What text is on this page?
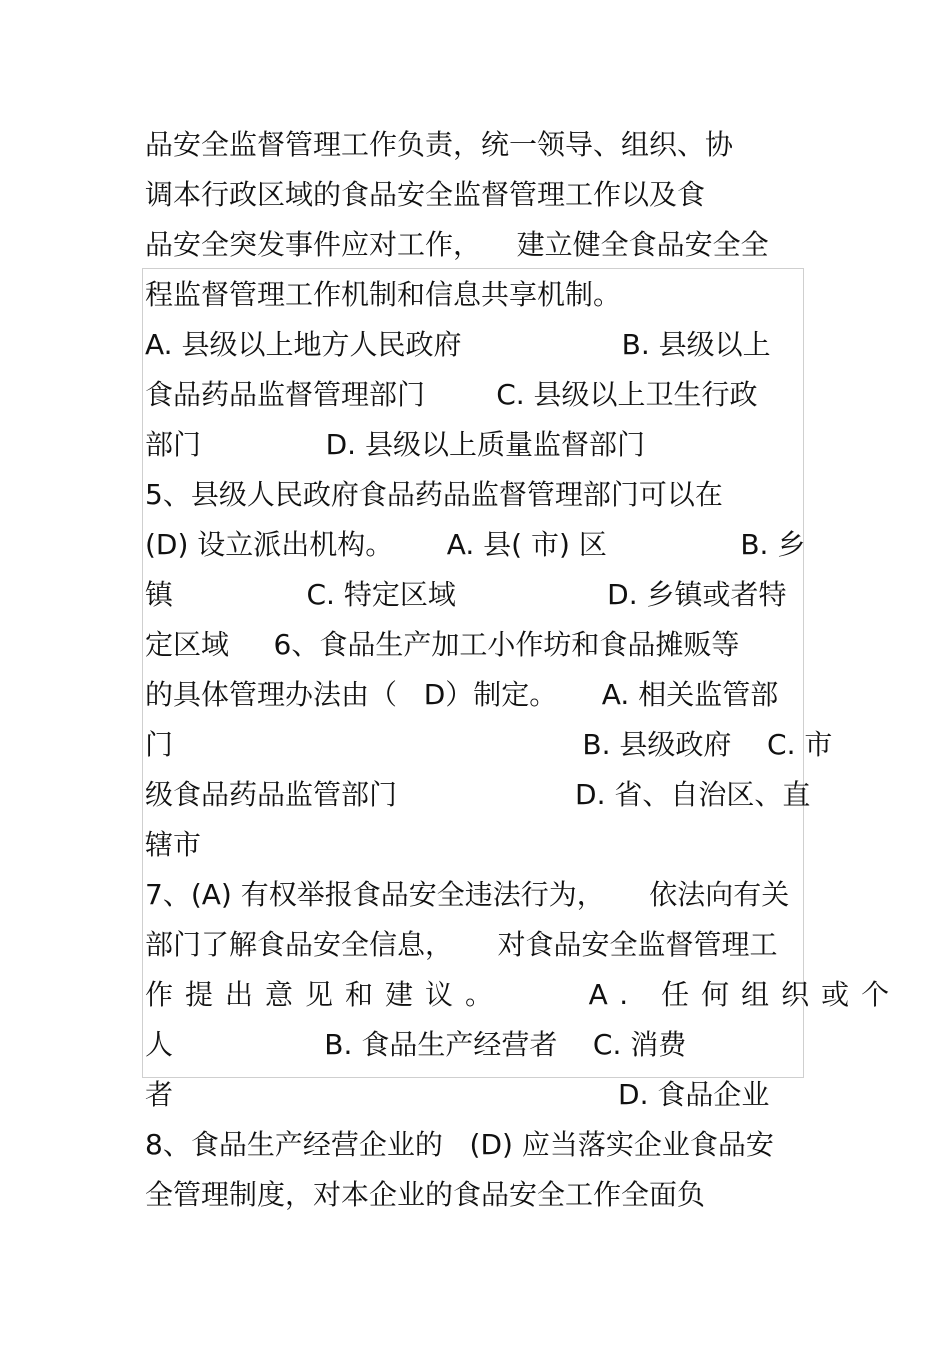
品安全监督管理工作负责，统一领导、组织、协

调本行政区域的食品安全监督管理工作以及食

品安全突发事件应对工作，    建立健全食品安全全

程监督管理工作机制和信息共享机制。

A. 县级以上地方人民政府                  B. 县级以上

食品药品监督管理部门        C. 县级以上卫生行政

部门              D. 县级以上质量监督部门

5、县级人民政府食品药品监督管理部门可以在

(D) 设立派出机构。      A. 县( 市) 区               B. 乡

镇               C. 特定区域                 D. 乡镇或者特

定区域     6、食品生产加工小作坊和食品摊贩等

的具体管理办法由（   D）制定。     A. 相关监管部

门                                              B. 县级政府    C. 市

级食品药品监管部门                    D. 省、自治区、直

辖市

7、(A) 有权举报食品安全违法行为，     依法向有关

部门了解食品安全信息，     对食品安全监督管理工

作提出意见和建议。    A. 任何组织或个

人                 B. 食品生产经营者    C. 消费

者                                                  D. 食品企业

8、食品生产经营企业的   (D) 应当落实企业食品安

全管理制度，对本企业的食品安全工作全面负
